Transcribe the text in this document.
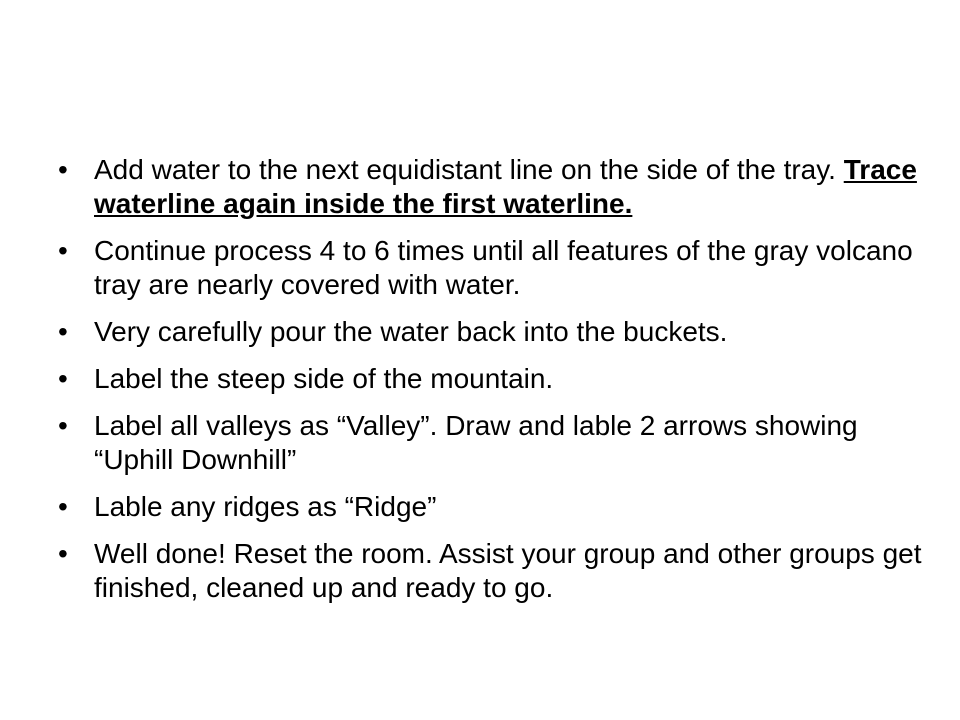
• Add water to the next equidistant line on the side of the tray. Trace waterline again inside the first waterline.
• Continue process 4 to 6 times until all features of the gray volcano tray are nearly covered with water.
• Very carefully pour the water back into the buckets.
• Label the steep side of the mountain.
• Label all valleys as “Valley”. Draw and lable 2 arrows showing “Uphill Downhill”
• Lable any ridges as “Ridge”
• Well done! Reset the room. Assist your group and other groups get finished, cleaned up and ready to go.
